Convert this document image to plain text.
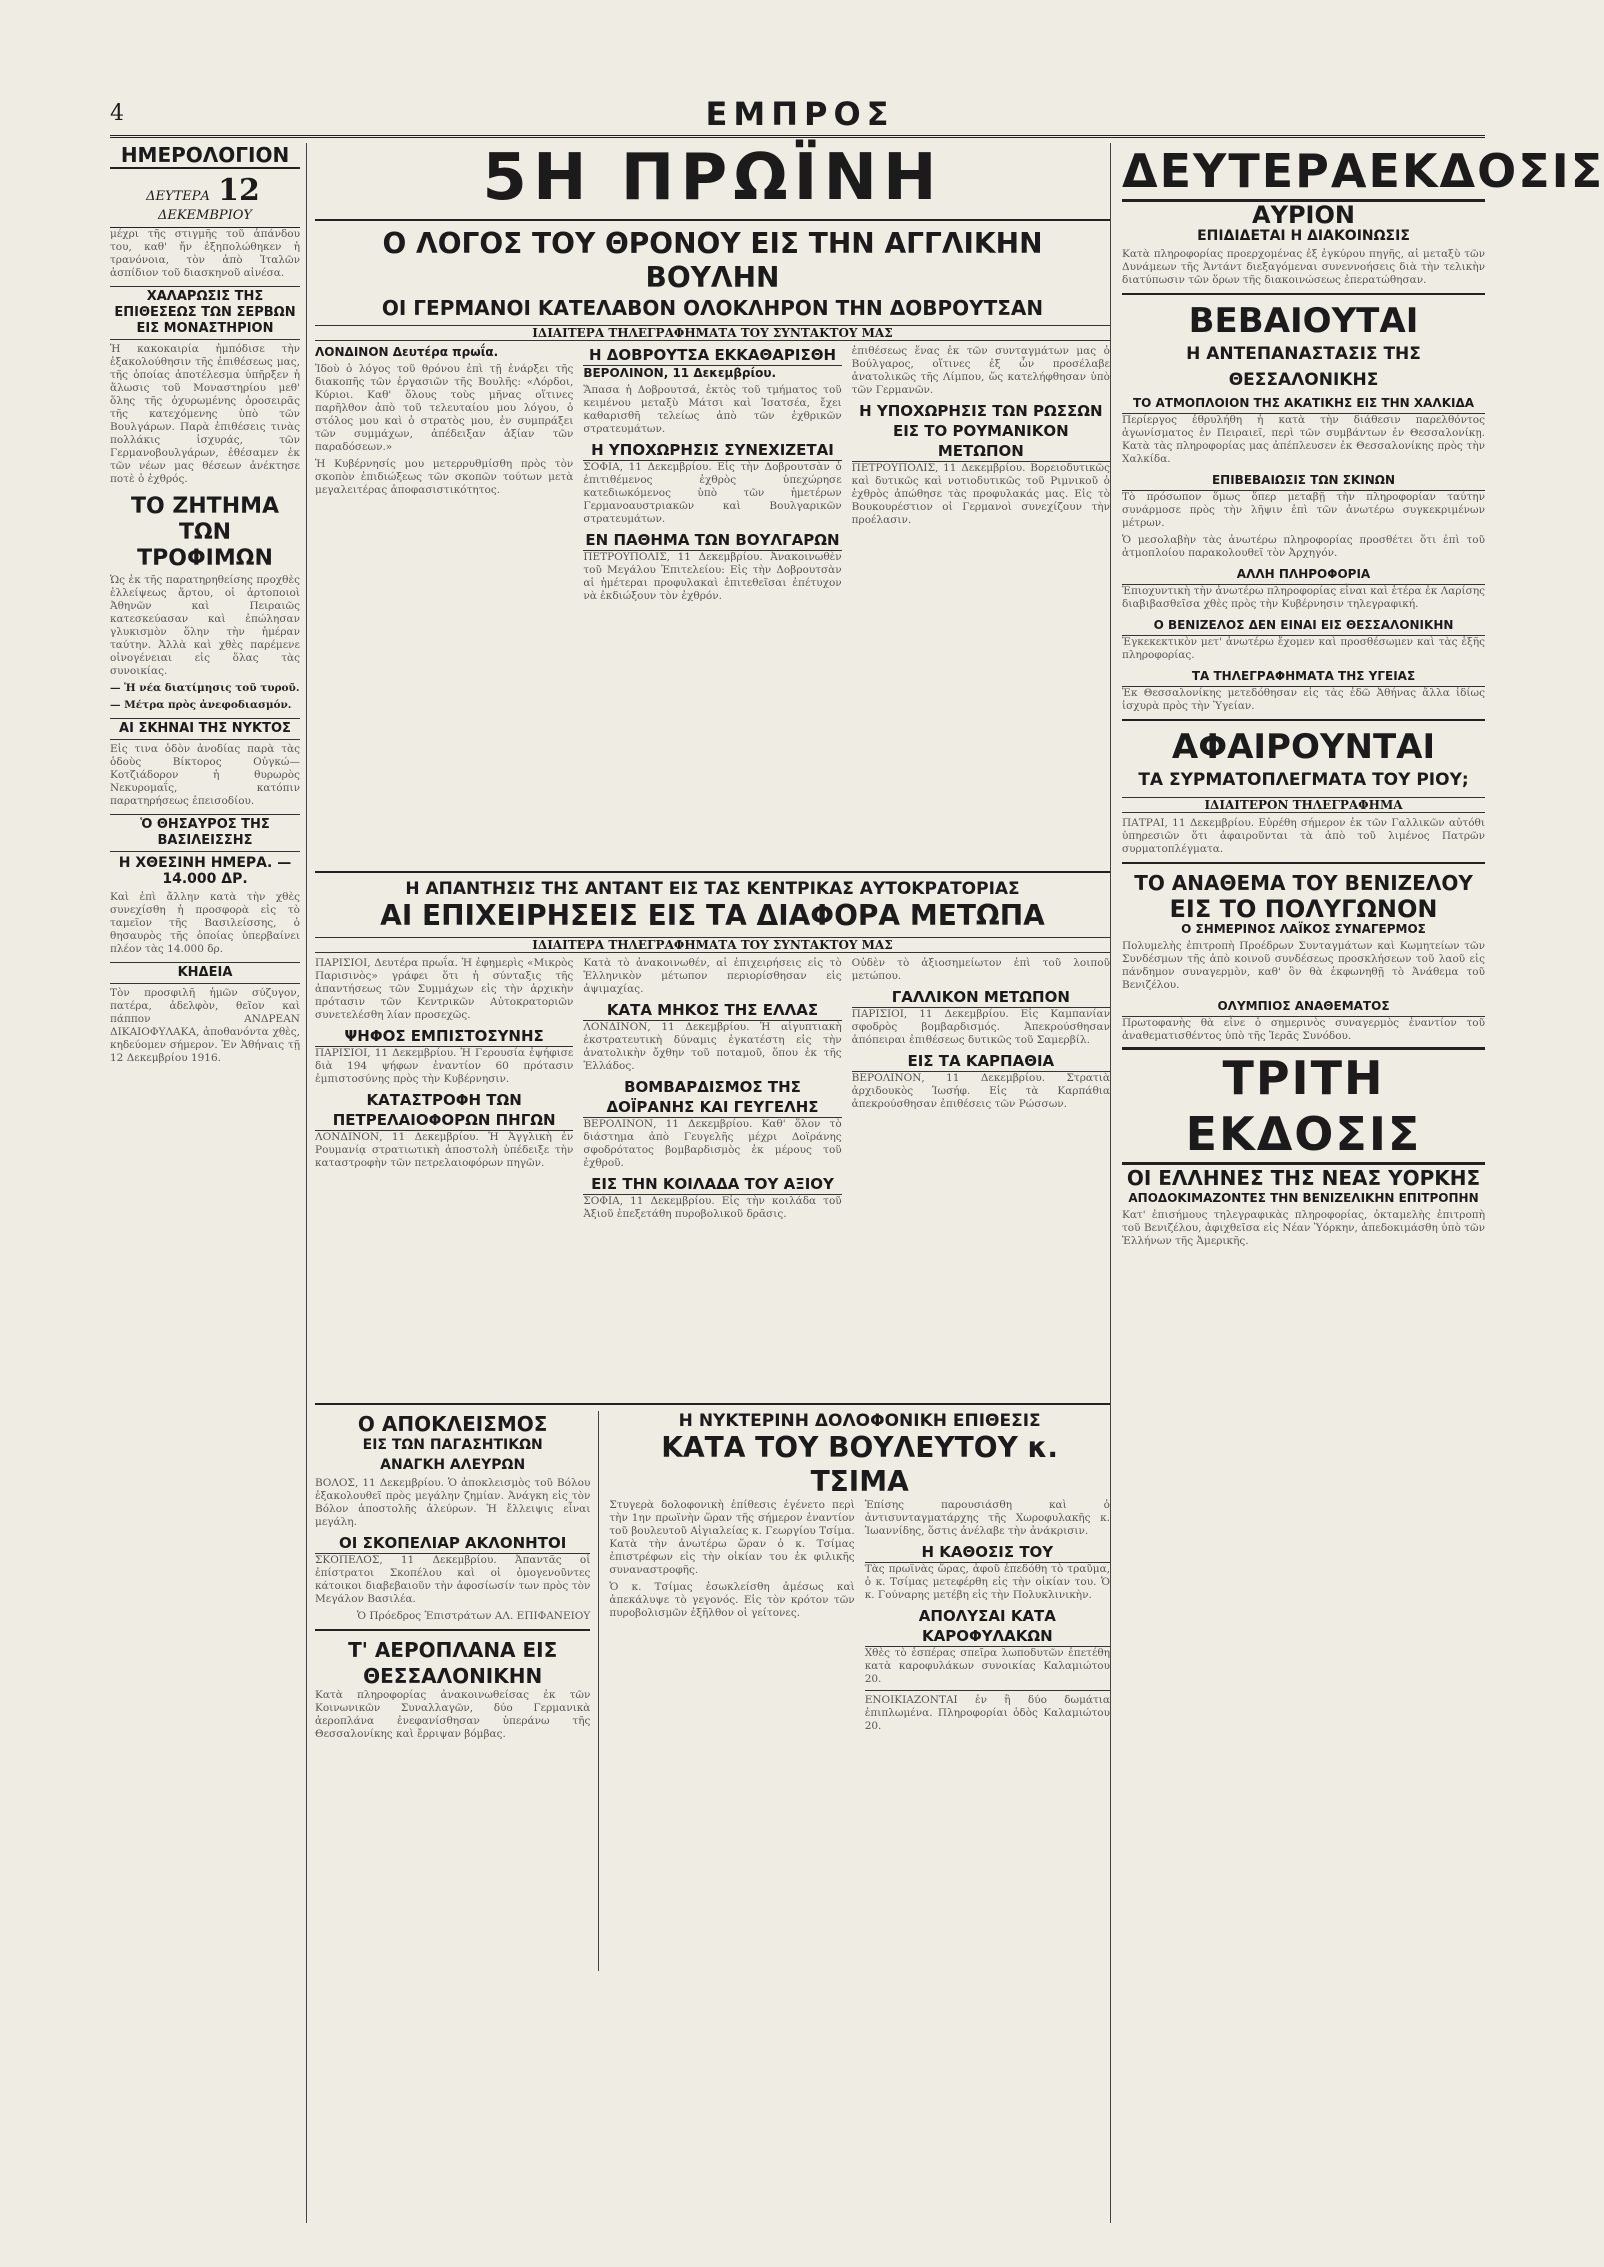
4	ΕΜΠΡΟΣ
ΗΜΕΡΟΛΟΓΙΟΝ
ΔΕΥΤΕΡΑ 12 ΔΕΚΕΜΒΡΙΟΥ

μέχρι τῆς στιγμῆς τοῦ ἀπάνδου του, καθ' ἤν ἐξηπολώθηκεν ἡ τρανόνοια, τὸν ἀπὸ Ἰταλῶν ἀσπίδιον τοῦ διασκηνοῦ αἰνέσα.

ΧΑΛΑΡΩΣΙΣ ΤΗΣ ΕΠΙΘΕΣΕΩΣ ΤΩΝ ΣΕΡΒΩΝ ΕΙΣ ΜΟΝΑΣΤΗΡΙΟΝ

Ἡ κακοκαιρία ἠμπόδισε τὴν ἐξακολούθησιν τῆς ἐπιθέσεως μας, τῆς ὁποίας ἀποτέλεσμα ὑπῆρξεν ἡ ἅλωσις τοῦ Μοναστηρίου μεθ' ὅλης τῆς ὀχυρωμένης ὁροσειρᾶς τῆς κατεχόμενης ὑπὸ τῶν Βουλγάρων. Παρὰ ἐπιθέσεις τινὰς πολλάκις ἰσχυράς, τῶν Γερμανοβουλγάρων, ἐθέσαμεν ἐκ τῶν νέων μας θέσεων ἀνέκτησε ποτὲ ὁ ἐχθρός.

ΤΟ ΖΗΤΗΜΑ ΤΩΝ ΤΡΟΦΙΜΩΝ

Ὡς ἐκ τῆς παρατηρηθείσης προχθὲς ἐλλείψεως ἄρτου, οἱ ἀρτοποιοὶ Ἀθηνῶν καὶ Πειραιῶς κατεσκεύασαν καὶ ἐπώλησαν γλυκισμὸν ὅλην τὴν ἡμέραν ταύτην. Ἀλλὰ καὶ χθὲς παρέμενε οἰνογένειαι εἰς ὅλας τὰς συνοικίας.

— Ἡ νέα διατίμησις τοῦ τυροῦ.

— Μέτρα πρὸς ἀνεφοδιασμόν.

ΑΙ ΣΚΗΝΑΙ ΤΗΣ ΝΥΚΤΟΣ

Εἰς τινα ὁδὸν ἀνοδίας παρὰ τὰς ὁδοὺς Βίκτορος Οὐγκώ—Κοτζιάδορον ἡ θυρωρὸς Νεκυρομαΐς, κατόπιν παρατηρήσεως ἐπεισοδίου.

Ὁ ΘΗΣΑΥΡΟΣ ΤΗΣ ΒΑΣΙΛΕΙΣΣΗΣ
Η ΧΘΕΣΙΝΗ ΗΜΕΡΑ. — 14.000 ΔΡ.

Καὶ ἐπὶ ἄλλην κατὰ τὴν χθὲς συνεχίσθη ἡ προσφορὰ εἰς τὸ ταμεῖον τῆς Βασιλείσσης, ὁ θησαυρὸς τῆς ὁποίας ὑπερβαίνει πλέον τὰς 14.000 δρ.

ΚΗΔΕΙΑ

Τὸν προσφιλῆ ἡμῶν σύζυγον, πατέρα, ἀδελφὸν, θεῖον καὶ πάππον ΑΝΔΡΕΑΝ ΔΙΚΑΙΟΦΥΛΑΚΑ, ἀποθανόντα χθὲς, κηδεύομεν σήμερον. Ἐν Ἀθήναις τῇ 12 Δεκεμβρίου 1916.

5Η ΠΡΩΪΝΗ
Ο ΛΟΓΟΣ ΤΟΥ ΘΡΟΝΟΥ ΕΙΣ ΤΗΝ ΑΓΓΛΙΚΗΝ ΒΟΥΛΗΝ
ΟΙ ΓΕΡΜΑΝΟΙ ΚΑΤΕΛΑΒΟΝ ΟΛΟΚΛΗΡΟΝ ΤΗΝ ΔΟΒΡΟΥΤΣΑΝ
ΙΔΙΑΙΤΕΡΑ ΤΗΛΕΓΡΑΦΗΜΑΤΑ ΤΟΥ ΣΥΝΤΑΚΤΟΥ ΜΑΣ

ΛΟΝΔΙΝΟΝ Δευτέρα πρωΐα.

Ἰδοὺ ὁ λόγος τοῦ θρόνου ἐπὶ τῇ ἐνάρξει τῆς διακοπῆς τῶν ἐργασιῶν τῆς Βουλῆς: «Λόρδοι, Κύριοι. Καθ' ὅλους τοὺς μῆνας οἵτινες παρῆλθον ἀπὸ τοῦ τελευταίου μου λόγου, ὁ στόλος μου καὶ ὁ στρατὸς μου, ἐν συμπράξει τῶν συμμάχων, ἀπέδειξαν ἀξίαν τῶν παραδόσεων.»

Ἡ Κυβέρνησίς μου μετερρυθμίσθη πρὸς τὸν σκοπὸν ἐπιδιώξεως τῶν σκοπῶν τούτων μετὰ μεγαλειτέρας ἀποφασιστικότητος.

Η ΔΟΒΡΟΥΤΣΑ ΕΚΚΑΘΑΡΙΣΘΗ

ΒΕΡΟΛΙΝΟΝ, 11 Δεκεμβρίου.

Ἅπασα ἡ Δοβρουτσά, ἐκτὸς τοῦ τμήματος τοῦ κειμένου μεταξὺ Μάτσι καὶ Ἰσατσέα, ἔχει καθαρισθῆ τελείως ἀπὸ τῶν ἐχθρικῶν στρατευμάτων.

Η ΥΠΟΧΩΡΗΣΙΣ ΣΥΝΕΧΙΖΕΤΑΙ

ΣΟΦΙΑ, 11 Δεκεμβρίου. Εἰς τὴν Δοβρουτσὰν ὁ ἐπιτιθέμενος ἐχθρὸς ὑπεχώρησε κατεδιωκόμενος ὑπὸ τῶν ἡμετέρων Γερμανοαυστριακῶν καὶ Βουλγαρικῶν στρατευμάτων.

ΕΝ ΠΑΘΗΜΑ ΤΩΝ ΒΟΥΛΓΑΡΩΝ

ΠΕΤΡΟΥΠΟΛΙΣ, 11 Δεκεμβρίου. Ἀνακοινωθὲν τοῦ Μεγάλου Ἐπιτελείου: Εἰς τὴν Δοβρουτσὰν αἱ ἡμέτεραι προφυλακαὶ ἐπιτεθεῖσαι ἐπέτυχον νὰ ἐκδιώξουν τὸν ἐχθρόν.

ἐπιθέσεως ἕνας ἐκ τῶν συνταγμάτων μας ὁ Βούλγαρος, οἵτινες ἐξ ὧν προσέλαβε ἀνατολικῶς τῆς Λίμπου, ὥς κατελήφθησαν ὑπὸ τῶν Γερμανῶν.

Η ΥΠΟΧΩΡΗΣΙΣ ΤΩΝ ΡΩΣΣΩΝ ΕΙΣ ΤΟ ΡΟΥΜΑΝΙΚΟΝ ΜΕΤΩΠΟΝ

ΠΕΤΡΟΥΠΟΛΙΣ, 11 Δεκεμβρίου. Βορειοδυτικῶς καὶ δυτικῶς καὶ νοτιοδυτικῶς τοῦ Ριμνικοῦ ὁ ἐχθρὸς ἀπώθησε τὰς προφυλακάς μας. Εἰς τὸ Βουκουρέστιον οἱ Γερμανοὶ συνεχίζουν τὴν προέλασιν.

Η ΑΠΑΝΤΗΣΙΣ ΤΗΣ ΑΝΤΑΝΤ ΕΙΣ ΤΑΣ ΚΕΝΤΡΙΚΑΣ ΑΥΤΟΚΡΑΤΟΡΙΑΣ
ΑΙ ΕΠΙΧΕΙΡΗΣΕΙΣ ΕΙΣ ΤΑ ΔΙΑΦΟΡΑ ΜΕΤΩΠΑ
ΙΔΙΑΙΤΕΡΑ ΤΗΛΕΓΡΑΦΗΜΑΤΑ ΤΟΥ ΣΥΝΤΑΚΤΟΥ ΜΑΣ

ΠΑΡΙΣΙΟΙ, Δευτέρα πρωΐα. Ἡ ἐφημερὶς «Μικρὸς Παρισινὸς» γράφει ὅτι ἡ σύνταξις τῆς ἀπαντήσεως τῶν Συμμάχων εἰς τὴν ἀρχικὴν πρότασιν τῶν Κεντρικῶν Αὐτοκρατοριῶν συνετελέσθη λίαν προσεχῶς.

ΨΗΦΟΣ ΕΜΠΙΣΤΟΣΥΝΗΣ

ΠΑΡΙΣΙΟΙ, 11 Δεκεμβρίου. Ἡ Γερουσία ἐψήφισε διὰ 194 ψήφων ἐναντίον 60 πρότασιν ἐμπιστοσύνης πρὸς τὴν Κυβέρνησιν.

ΚΑΤΑΣΤΡΟΦΗ ΤΩΝ ΠΕΤΡΕΛΑΙΟΦΟΡΩΝ ΠΗΓΩΝ

ΛΟΝΔΙΝΟΝ, 11 Δεκεμβρίου. Ἡ Ἀγγλικὴ ἐν Ρουμανίᾳ στρατιωτικὴ ἀποστολὴ ὑπέδειξε τὴν καταστροφὴν τῶν πετρελαιοφόρων πηγῶν.

Κατὰ τὸ ἀνακοινωθέν, αἱ ἐπιχειρήσεις εἰς τὸ Ἑλληνικὸν μέτωπον περιορίσθησαν εἰς ἀψιμαχίας.

ΚΑΤΑ ΜΗΚΟΣ ΤΗΣ ΕΛΛΑΣ

ΛΟΝΔΙΝΟΝ, 11 Δεκεμβρίου. Ἡ αἰγυπτιακὴ ἐκστρατευτικὴ δύναμις ἐγκατέστη εἰς τὴν ἀνατολικὴν ὄχθην τοῦ ποταμοῦ, ὅπου ἐκ τῆς Ἐλλάδος.

ΒΟΜΒΑΡΔΙΣΜΟΣ ΤΗΣ ΔΟΪΡΑΝΗΣ ΚΑΙ ΓΕΥΓΕΛΗΣ

ΒΕΡΟΛΙΝΟΝ, 11 Δεκεμβρίου. Καθ' ὅλον τὸ διάστημα ἀπὸ Γευγελῆς μέχρι Δοϊράνης σφοδρότατος βομβαρδισμὸς ἐκ μέρους τοῦ ἐχθροῦ.

ΕΙΣ ΤΗΝ ΚΟΙΛΑΔΑ ΤΟΥ ΑΞΙΟΥ

ΣΟΦΙΑ, 11 Δεκεμβρίου. Εἰς τὴν κοιλάδα τοῦ Ἀξιοῦ ἐπεξετάθη πυροβολικοῦ δρᾶσις.

Οὐδὲν τὸ ἀξιοσημείωτον ἐπὶ τοῦ λοιποῦ μετώπου.

ΓΑΛΛΙΚΟΝ ΜΕΤΩΠΟΝ

ΠΑΡΙΣΙΟΙ, 11 Δεκεμβρίου. Εἰς Καμπανίαν σφοδρὸς βομβαρδισμός. Ἀπεκρούσθησαν ἀπόπειραι ἐπιθέσεως δυτικῶς τοῦ Σαμερβίλ.

ΕΙΣ ΤΑ ΚΑΡΠΑΘΙΑ

ΒΕΡΟΛΙΝΟΝ, 11 Δεκεμβρίου. Στρατιὰ ἀρχιδουκὸς Ἰωσήφ. Εἰς τὰ Καρπάθια ἀπεκρούσθησαν ἐπιθέσεις τῶν Ρώσσων.

Ο ΑΠΟΚΛΕΙΣΜΟΣ
ΕΙΣ ΤΩΝ ΠΑΓΑΣΗΤΙΚΩΝ
ΑΝΑΓΚΗ ΑΛΕΥΡΩΝ

ΒΟΛΟΣ, 11 Δεκεμβρίου. Ὁ ἀποκλεισμὸς τοῦ Βόλου ἐξακολουθεῖ πρὸς μεγάλην ζημίαν. Ἀνάγκη εἰς τὸν Βόλον ἀποστολῆς ἀλεύρων. Ἡ ἔλλειψις εἶναι μεγάλη.

ΟΙ ΣΚΟΠΕΛΙΑΡ ΑΚΛΟΝΗΤΟΙ

ΣΚΟΠΕΛΟΣ, 11 Δεκεμβρίου. Ἀπαντᾶς οἱ ἐπίστρατοι Σκοπέλου καὶ οἱ ὁμογενοῦντες κάτοικοι διαβεβαιοῦν τὴν ἀφοσίωσίν των πρὸς τὸν Μεγάλον Βασιλέα.

Ὁ Πρόεδρος Ἐπιστράτων ΑΛ. ΕΠΙΦΑΝΕΙΟΥ

Τ' ΑΕΡΟΠΛΑΝΑ ΕΙΣ ΘΕΣΣΑΛΟΝΙΚΗΝ

Κατὰ πληροφορίας ἀνακοινωθείσας ἐκ τῶν Κοινωνικῶν Συναλλαγῶν, δύο Γερμανικὰ ἀεροπλάνα ἐνεφανίσθησαν ὑπεράνω τῆς Θεσσαλονίκης καὶ ἔρριψαν βόμβας.

Η ΝΥΚΤΕΡΙΝΗ ΔΟΛΟΦΟΝΙΚΗ ΕΠΙΘΕΣΙΣ
ΚΑΤΑ ΤΟΥ ΒΟΥΛΕΥΤΟΥ κ. ΤΣΙΜΑ

Στυγερὰ δολοφονικὴ ἐπίθεσις ἐγένετο περὶ τὴν 1ην πρωϊνὴν ὥραν τῆς σήμερον ἐναντίον τοῦ βουλευτοῦ Αἰγιαλείας κ. Γεωργίου Τσίμα. Κατὰ τὴν ἀνωτέρω ὥραν ὁ κ. Τσίμας ἐπιστρέφων εἰς τὴν οἰκίαν του ἐκ φιλικῆς συναναστροφῆς.

Ὁ κ. Τσίμας ἐσωκλείσθη ἀμέσως καὶ ἀπεκάλυψε τὸ γεγονός. Εἰς τὸν κρότον τῶν πυροβολισμῶν ἐξῆλθον οἱ γείτονες.

Ἐπίσης παρουσιάσθη καὶ ὁ ἀντισυνταγματάρχης τῆς Χωροφυλακῆς κ. Ἰωαννίδης, ὅστις ἀνέλαβε τὴν ἀνάκρισιν.

Η ΚΑΘΟΣΙΣ ΤΟΥ

Τὰς πρωϊνὰς ὥρας, ἀφοῦ ἐπεδόθη τὸ τραῦμα, ὁ κ. Τσίμας μετεφέρθη εἰς τὴν οἰκίαν του. Ὁ κ. Γούναρης μετέβη εἰς τὴν Πολυκλινικὴν.

ΑΠΟΛΥΣΑΙ ΚΑΤΑ ΚΑΡΟΦΥΛΑΚΩΝ

Χθὲς τὸ ἑσπέρας σπεῖρα λωποδυτῶν ἐπετέθη κατὰ καροφυλάκων συνοικίας Καλαμιώτου 20.

ΕΝΟΙΚΙΑΖΟΝΤΑΙ ἐν ἢ δύο δωμάτια ἐπιπλωμένα. Πληροφορίαι ὁδὸς Καλαμιώτου 20.

ΔΕΥΤΕΡΑΕΚΔΟΣΙΣ
ΑΥΡΙΟΝ
ΕΠΙΔΙΔΕΤΑΙ Η ΔΙΑΚΟΙΝΩΣΙΣ

Κατὰ πληροφορίας προερχομένας ἐξ ἐγκύρου πηγῆς, αἱ μεταξὺ τῶν Δυνάμεων τῆς Ἀντάντ διεξαγόμεναι συνεννοήσεις διὰ τὴν τελικὴν διατύπωσιν τῶν ὅρων τῆς διακοινώσεως ἐπερατώθησαν.

ΒΕΒΑΙΟΥΤΑΙ
Η ΑΝΤΕΠΑΝΑΣΤΑΣΙΣ ΤΗΣ ΘΕΣΣΑΛΟΝΙΚΗΣ
ΤΟ ΑΤΜΟΠΛΟΙΟΝ ΤΗΣ ΑΚΑΤΙΚΗΣ ΕΙΣ ΤΗΝ ΧΑΛΚΙΔΑ

Περίεργος ἐθρυλήθη ἡ κατὰ τὴν διάθεσιν παρελθόντος ἀγωνίσματος ἐν Πειραιεῖ, περὶ τῶν συμβάντων ἐν Θεσσαλονίκῃ. Κατὰ τὰς πληροφορίας μας ἀπέπλευσεν ἐκ Θεσσαλονίκης πρὸς τὴν Χαλκίδα.

ΕΠΙΒΕΒΑΙΩΣΙΣ ΤΩΝ ΣΚΙΝΩΝ

Τὸ πρόσωπον ὅμως ὅπερ μεταβῇ τὴν πληροφορίαν ταύτην συνάρμοσε πρὸς τὴν λῆψιν ἐπὶ τῶν ἀνωτέρω συγκεκριμένων μέτρων.

Ὁ μεσολαβὴν τὰς ἀνωτέρω πληροφορίας προσθέτει ὅτι ἐπὶ τοῦ ἀτμοπλοίου παρακολουθεῖ τὸν Ἀρχηγόν.

ΑΛΛΗ ΠΛΗΡΟΦΟΡΙΑ

Ἐπιοχυντικὴ τὴν ἀνωτέρω πληροφορίας εἶναι καὶ ἑτέρα ἐκ Λαρίσης διαβιβασθεῖσα χθὲς πρὸς τὴν Κυβέρνησιν τηλεγραφική.

Ο ΒΕΝΙΖΕΛΟΣ ΔΕΝ ΕΙΝΑΙ ΕΙΣ ΘΕΣΣΑΛΟΝΙΚΗΝ

Ἐγκεκεκτικὸν μετ' ἀνωτέρω ἔχομεν καὶ προσθέσωμεν καὶ τὰς ἑξῆς πληροφορίας.

ΤΑ ΤΗΛΕΓΡΑΦΗΜΑΤΑ ΤΗΣ ΥΓΕΙΑΣ

Ἐκ Θεσσαλονίκης μετεδόθησαν εἰς τὰς ἐδῶ Ἀθήνας ἄλλα ἱδίως ἰσχυρὰ πρὸς τὴν Ὑγείαν.

ΑΦΑΙΡΟΥΝΤΑΙ
ΤΑ ΣΥΡΜΑΤΟΠΛΕΓΜΑΤΑ ΤΟΥ ΡΙΟΥ;
ΙΔΙΑΙΤΕΡΟΝ ΤΗΛΕΓΡΑΦΗΜΑ

ΠΑΤΡΑΙ, 11 Δεκεμβρίου. Εὑρέθη σήμερον ἐκ τῶν Γαλλικῶν αὐτόθι ὑπηρεσιῶν ὅτι ἀφαιροῦνται τὰ ἀπὸ τοῦ λιμένος Πατρῶν συρματοπλέγματα.

ΤΟ ΑΝΑΘΕΜΑ ΤΟΥ ΒΕΝΙΖΕΛΟΥ
ΕΙΣ ΤΟ ΠΟΛΥΓΩΝΟΝ
Ο ΣΗΜΕΡΙΝΟΣ ΛΑΪΚΟΣ ΣΥΝΑΓΕΡΜΟΣ

Πολυμελὴς ἐπιτροπὴ Προέδρων Συνταγμάτων καὶ Κωμητείων τῶν Συνδέσμων τῆς ἀπὸ κοινοῦ συνδέσεως προσκλήσεων τοῦ λαοῦ εἰς πάνδημον συναγερμὸν, καθ' ὃν θὰ ἐκφωνηθῇ τὸ Ἀνάθεμα τοῦ Βενιζέλου.

ΟΛΥΜΠΙΟΣ ΑΝΑΘΕΜΑΤΟΣ

Πρωτοφανὴς θὰ εἶνε ὁ σημερινὸς συναγερμὸς ἐναντίον τοῦ ἀναθεματισθέντος ὑπὸ τῆς Ἱερᾶς Συνόδου.

ΤΡΙΤΗ ΕΚΔΟΣΙΣ
ΟΙ ΕΛΛΗΝΕΣ ΤΗΣ ΝΕΑΣ ΥΟΡΚΗΣ
ΑΠΟΔΟΚΙΜΑΖΟΝΤΕΣ ΤΗΝ ΒΕΝΙΖΕΛΙΚΗΝ ΕΠΙΤΡΟΠΗΝ

Κατ' ἐπισήμους τηλεγραφικὰς πληροφορίας, ὀκταμελὴς ἐπιτροπὴ τοῦ Βενιζέλου, ἀφιχθεῖσα εἰς Νέαν Ὑόρκην, ἀπεδοκιμάσθη ὑπὸ τῶν Ἑλλήνων τῆς Ἀμερικῆς.
